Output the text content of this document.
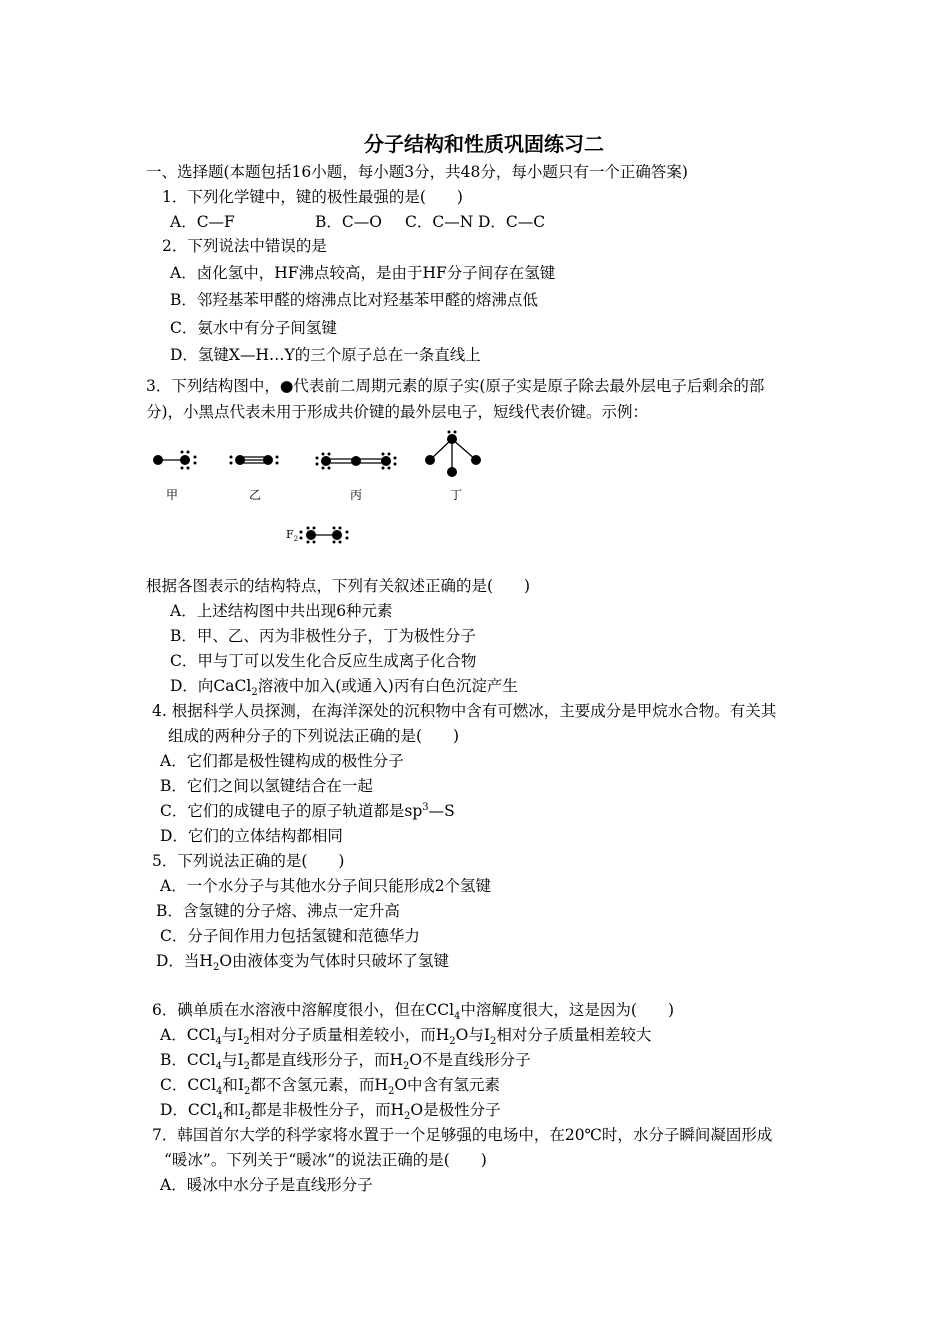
分子结构和性质巩固练习二
一、选择题(本题包括16小题，每小题3分，共48分，每小题只有一个正确答案)
1．下列化学键中，键的极性最强的是(　　)
A．C—F	B．C—O C．C—N D．C—C
2．下列说法中错误的是
A．卤化氢中，HF沸点较高，是由于HF分子间存在氢键
B．邻羟基苯甲醛的熔沸点比对羟基苯甲醛的熔沸点低
C．氨水中有分子间氢键
D．氢键X—H…Y的三个原子总在一条直线上
3．下列结构图中，●代表前二周期元素的原子实(原子实是原子除去最外层电子后剩余的部
分)，小黑点代表未用于形成共价键的最外层电子，短线代表价键。示例：
甲	乙	丙	丁
$F_2$
根据各图表示的结构特点，下列有关叙述正确的是(　　)
A．上述结构图中共出现6种元素
B．甲、乙、丙为非极性分子，丁为极性分子
C．甲与丁可以发生化合反应生成离子化合物
D．向CaCl$_2$溶液中加入(或通入)丙有白色沉淀产生
4. 根据科学人员探测，在海洋深处的沉积物中含有可燃冰，主要成分是甲烷水合物。有关其
组成的两种分子的下列说法正确的是(　　)
A．它们都是极性键构成的极性分子
B．它们之间以氢键结合在一起
C．它们的成键电子的原子轨道都是$sp^3—S$
D．它们的立体结构都相同
5．下列说法正确的是(　　)
A．一个水分子与其他水分子间只能形成2个氢键
B．含氢键的分子熔、沸点一定升高
C．分子间作用力包括氢键和范德华力
D．当$H_2O$由液体变为气体时只破坏了氢键
6．碘单质在水溶液中溶解度很小，但在CCl$_4$中溶解度很大，这是因为(　　)
A．CCl$_4$与$I_2$相对分子质量相差较小，而$H_2O$与$I_2$相对分子质量相差较大
B．CCl$_4$与$I_2$都是直线形分子，而$H_2O$不是直线形分子
C．CCl$_4$和$I_2$都不含氢元素，而$H_2O$中含有氢元素
D．CCl$_4$和$I_2$都是非极性分子，而$H_2O$是极性分子
7．韩国首尔大学的科学家将水置于一个足够强的电场中，在20℃时，水分子瞬间凝固形成
“暖冰”。下列关于“暖冰”的说法正确的是(　　)
A．暖冰中水分子是直线形分子
